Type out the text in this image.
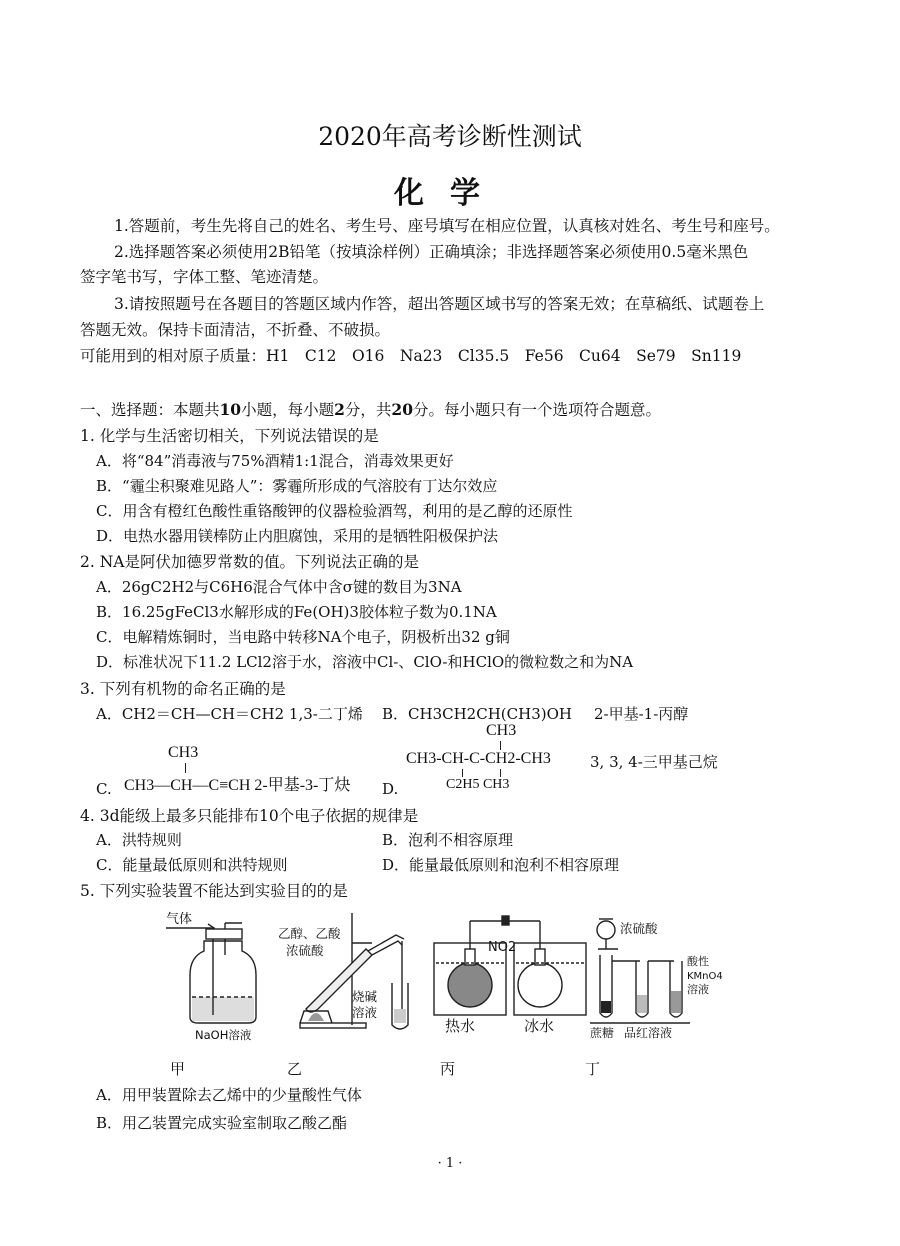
2020年高考诊断性测试
化学
1.答题前，考生先将自己的姓名、考生号、座号填写在相应位置，认真核对姓名、考生号和座号。
2.选择题答案必须使用2B铅笔（按填涂样例）正确填涂；非选择题答案必须使用0.5毫米黑色
签字笔书写，字体工整、笔迹清楚。
3.请按照题号在各题目的答题区域内作答，超出答题区域书写的答案无效；在草稿纸、试题卷上
答题无效。保持卡面清洁，不折叠、不破损。
可能用到的相对原子质量：H1　C12　O16　Na23　Cl35.5　Fe56　Cu64　Se79　Sn119
一、选择题：本题共10小题，每小题2分，共20分。每小题只有一个选项符合题意。
1. 化学与生活密切相关，下列说法错误的是
A．将“84”消毒液与75%酒精1:1混合，消毒效果更好
B．“霾尘积聚难见路人”：雾霾所形成的气溶胶有丁达尔效应
C．用含有橙红色酸性重铬酸钾的仪器检验酒驾，利用的是乙醇的还原性
D．电热水器用镁棒防止内胆腐蚀，采用的是牺牲阳极保护法
2. NA是阿伏加德罗常数的值。下列说法正确的是
A．26gC2H2与C6H6混合气体中含σ键的数目为3NA
B．16.25gFeCl3水解形成的Fe(OH)3胶体粒子数为0.1NA
C．电解精炼铜时，当电路中转移NA个电子，阴极析出32 g铜
D．标准状况下11.2 LCl2溶于水，溶液中Cl-、ClO-和HClO的微粒数之和为NA
3. 下列有机物的命名正确的是
A．CH2＝CH—CH＝CH2 1,3-二丁烯 B．CH3CH2CH(CH3)OH 2-甲基-1-丙醇
CH3
C. CH3—CH—C≡CH 2-甲基-3-丁炔
CH3
D.
CH3-CH-C-CH2-CH3	3, 3, 4-三甲基己烷
C2H5 CH3
4. 3d能级上最多只能排布10个电子依据的规律是
A．洪特规则	B．泡利不相容原理
C．能量最低原则和洪特规则	D．能量最低原则和泡利不相容原理
5. 下列实验装置不能达到实验目的的是
气体
NaOH溶液
乙醇、乙酸
浓硫酸
烧碱
溶液
NO2
热水	冰水
浓硫酸
酸性
KMnO4
溶液
蔗糖 品红溶液
甲	乙	丙	丁
A．用甲装置除去乙烯中的少量酸性气体
B．用乙装置完成实验室制取乙酸乙酯
· 1 ·
